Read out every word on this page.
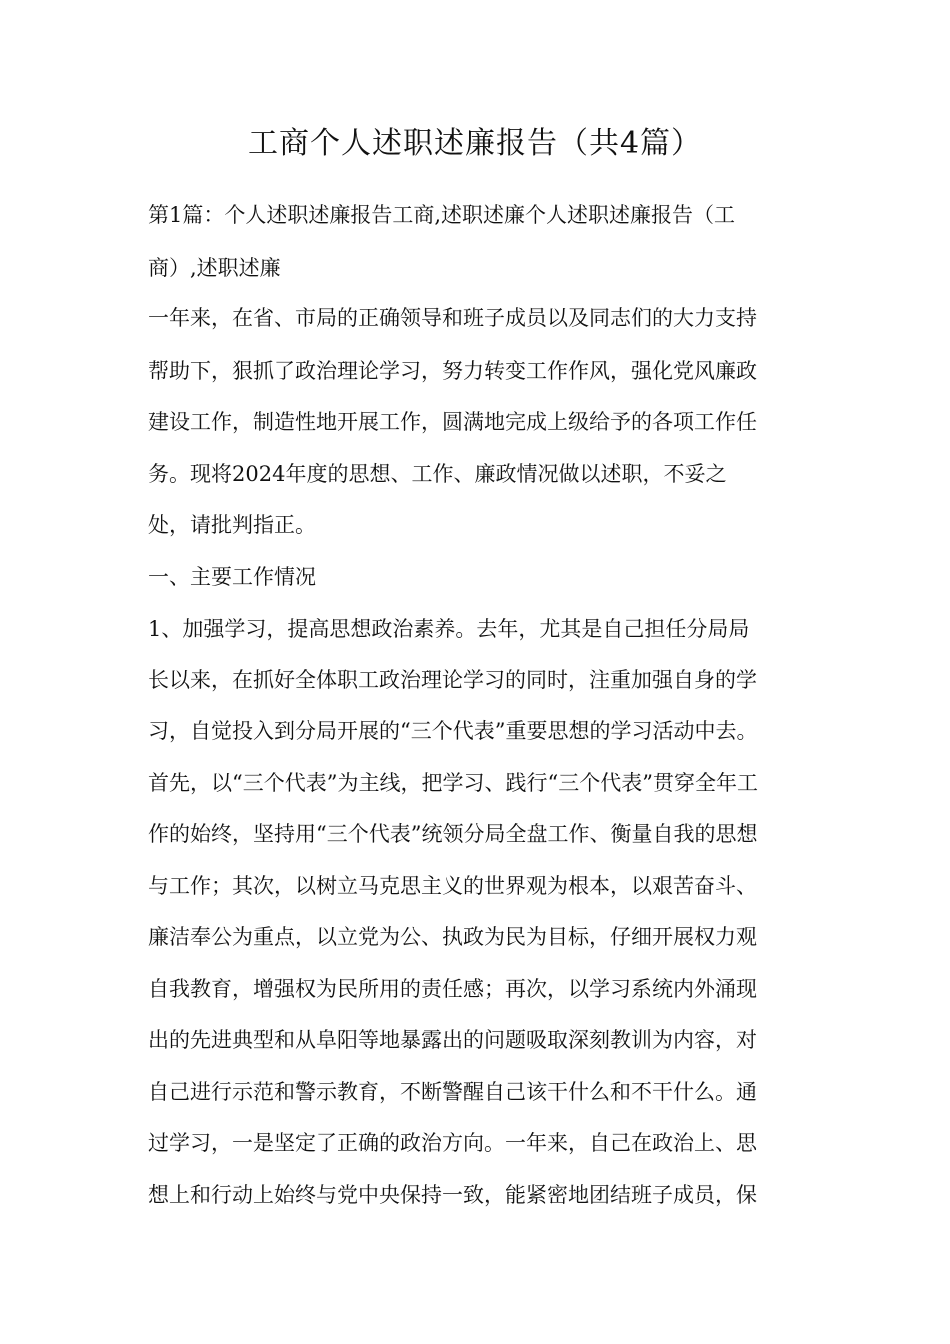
工商个人述职述廉报告（共4篇）
第1篇：个人述职述廉报告工商,述职述廉个人述职述廉报告（工
商）,述职述廉
一年来，在省、市局的正确领导和班子成员以及同志们的大力支持
帮助下，狠抓了政治理论学习，努力转变工作作风，强化党风廉政
建设工作，制造性地开展工作，圆满地完成上级给予的各项工作任
务。现将2024年度的思想、工作、廉政情况做以述职，不妥之
处，请批判指正。
一、主要工作情况
1、加强学习，提高思想政治素养。去年，尤其是自己担任分局局
长以来，在抓好全体职工政治理论学习的同时，注重加强自身的学
习，自觉投入到分局开展的“三个代表”重要思想的学习活动中去。
首先，以“三个代表”为主线，把学习、践行“三个代表”贯穿全年工
作的始终，坚持用“三个代表”统领分局全盘工作、衡量自我的思想
与工作；其次，以树立马克思主义的世界观为根本，以艰苦奋斗、
廉洁奉公为重点，以立党为公、执政为民为目标，仔细开展权力观
自我教育，增强权为民所用的责任感；再次，以学习系统内外涌现
出的先进典型和从阜阳等地暴露出的问题吸取深刻教训为内容，对
自己进行示范和警示教育，不断警醒自己该干什么和不干什么。通
过学习，一是坚定了正确的政治方向。一年来，自己在政治上、思
想上和行动上始终与党中央保持一致，能紧密地团结班子成员，保
